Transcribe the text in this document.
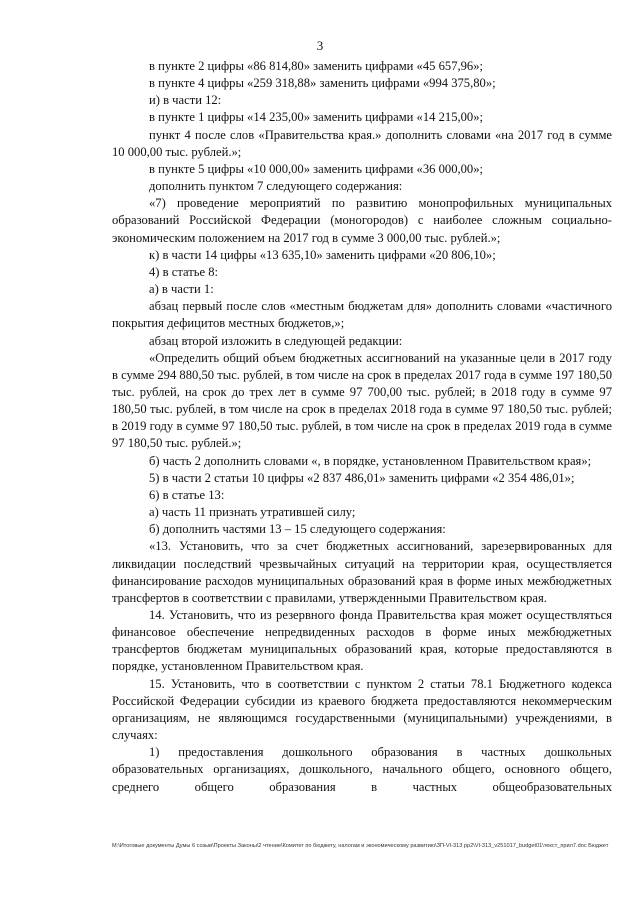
3

в пункте 2 цифры «86 814,80» заменить цифрами «45 657,96»;

в пункте 4 цифры «259 318,88» заменить цифрами «994 375,80»;

и) в части 12:

в пункте 1 цифры «14 235,00» заменить цифрами «14 215,00»;

пункт 4 после слов «Правительства края.» дополнить словами «на 2017 год в сумме 10 000,00 тыс. рублей.»;

в пункте 5 цифры «10 000,00» заменить цифрами «36 000,00»;

дополнить пунктом 7 следующего содержания:

«7) проведение мероприятий по развитию монопрофильных муниципальных образований Российской Федерации (моногородов) с наиболее сложным социально-экономическим положением на 2017 год в сумме 3 000,00 тыс. рублей.»;

к) в части 14 цифры «13 635,10» заменить цифрами «20 806,10»;

4) в статье 8:

а) в части 1:

абзац первый после слов «местным бюджетам для» дополнить словами «частичного покрытия дефицитов местных бюджетов,»;

абзац второй изложить в следующей редакции:

«Определить общий объем бюджетных ассигнований на указанные цели в 2017 году в сумме 294 880,50 тыс. рублей, в том числе на срок в пределах 2017 года в сумме 197 180,50 тыс. рублей, на срок до трех лет в сумме 97 700,00 тыс. рублей; в 2018 году в сумме 97 180,50 тыс. рублей, в том числе на срок в пределах 2018 года в сумме 97 180,50 тыс. рублей; в 2019 году в сумме 97 180,50 тыс. рублей, в том числе на срок в пределах 2019 года в сумме 97 180,50 тыс. рублей.»;

б) часть 2 дополнить словами «, в порядке, установленном Правительством края»;

5) в части 2 статьи 10 цифры «2 837 486,01» заменить цифрами «2 354 486,01»;

6) в статье 13:

а) часть 11 признать утратившей силу;

б) дополнить частями 13 – 15 следующего содержания:

«13. Установить, что за счет бюджетных ассигнований, зарезервированных для ликвидации последствий чрезвычайных ситуаций на территории края, осуществляется финансирование расходов муниципальных образований края в форме иных межбюджетных трансфертов в соответствии с правилами, утвержденными Правительством края.

14. Установить, что из резервного фонда Правительства края может осуществляться финансовое обеспечение непредвиденных расходов в форме иных межбюджетных трансфертов бюджетам муниципальных образований края, которые предоставляются в порядке, установленном Правительством края.

15. Установить, что в соответствии с пунктом 2 статьи 78.1 Бюджетного кодекса Российской Федерации субсидии из краевого бюджета предоставляются некоммерческим организациям, не являющимся государственными (муниципальными) учреждениями, в случаях:

1) предоставления дошкольного образования в частных дошкольных образовательных организациях, дошкольного, начального общего, основного общего, среднего общего образования в частных общеобразовательных

М:\Итоговые документы Думы 6 созыв\Проекты Законы\2 чтение\Комитет по бюджету, налогам и экономическому развитию\ЗП-VI-313 pp2\VI-313_v251017_budget01\текст_прил7.doc Бюджет
